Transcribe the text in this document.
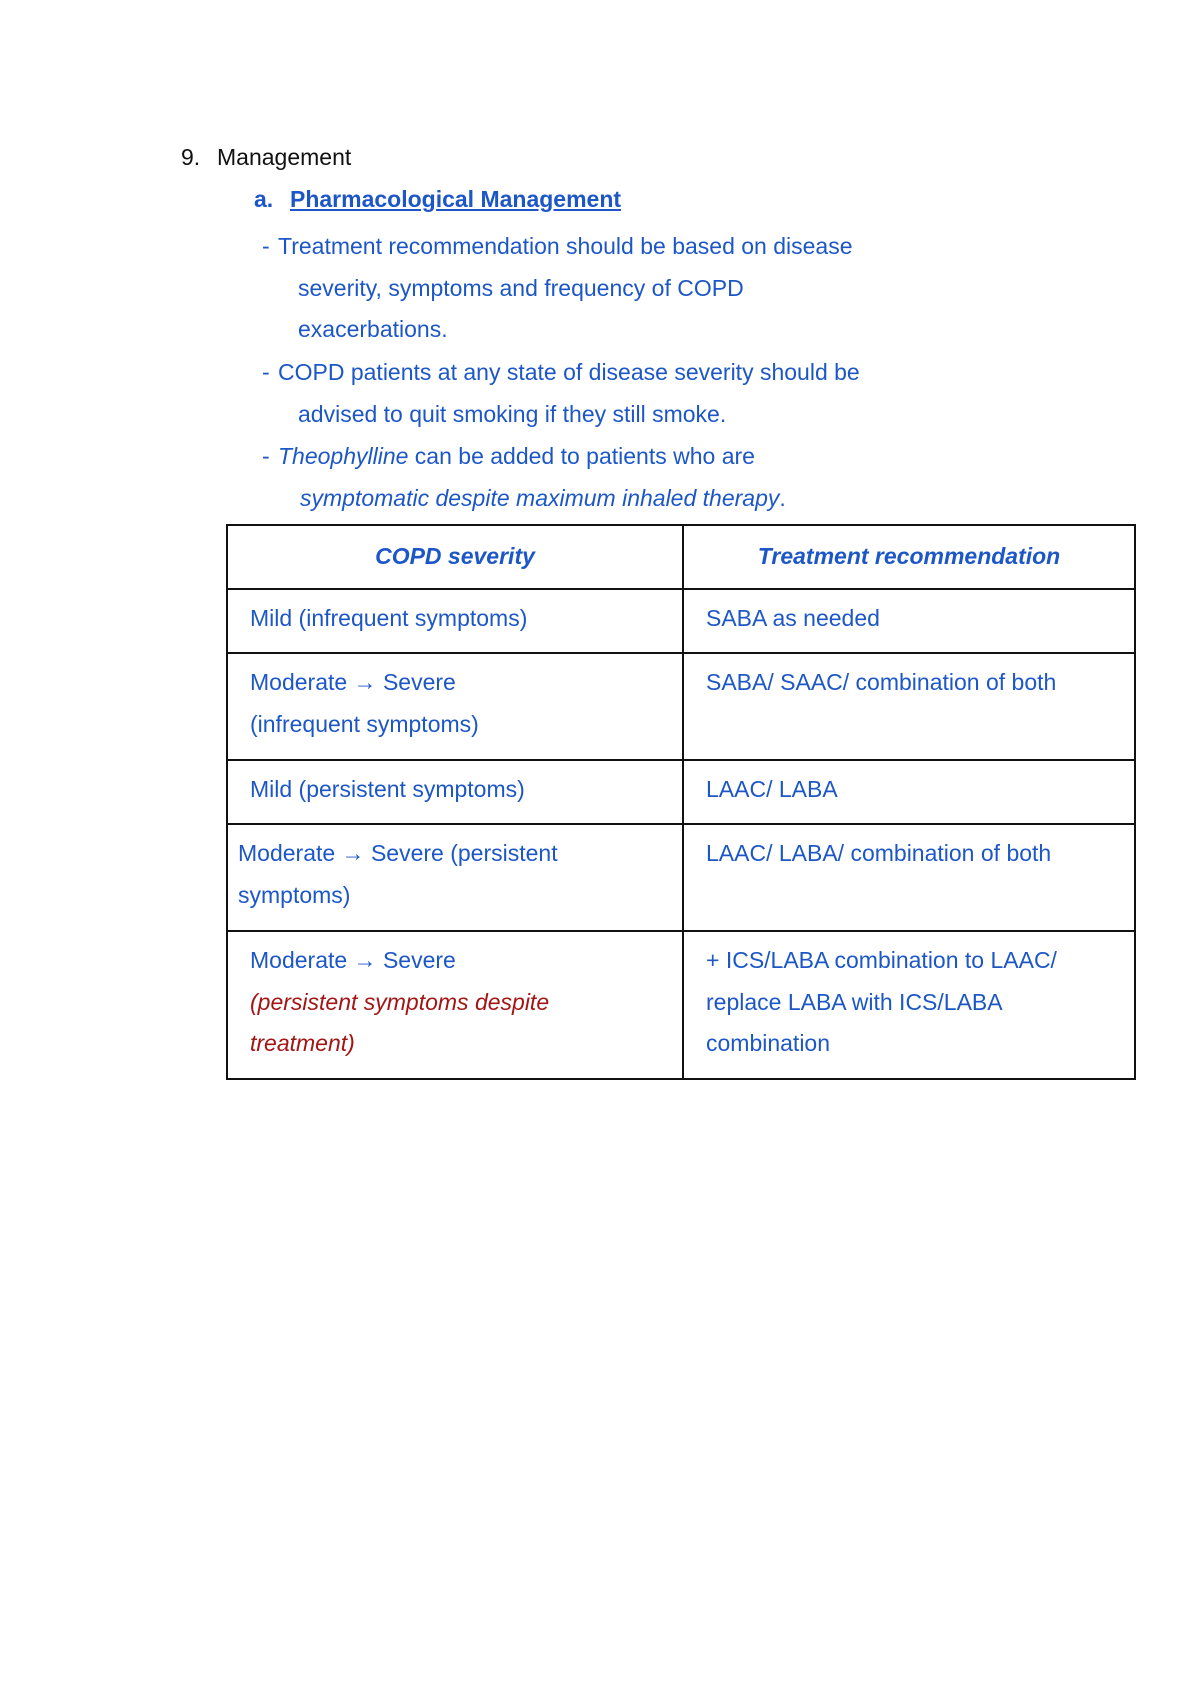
9. Management
a. Pharmacological Management
- Treatment recommendation should be based on disease
severity, symptoms and frequency of COPD
exacerbations.
- COPD patients at any state of disease severity should be
advised to quit smoking if they still smoke.
- Theophylline can be added to patients who are
symptomatic despite maximum inhaled therapy.
COPD severity	Treatment recommendation
Mild (infrequent symptoms)	SABA as needed
Moderate → Severe
(infrequent symptoms)	SABA/ SAAC/ combination of both
Mild (persistent symptoms)	LAAC/ LABA
Moderate → Severe (persistent
symptoms)	LAAC/ LABA/ combination of both
Moderate → Severe
(persistent symptoms despite
treatment)	+ ICS/LABA combination to LAAC/
replace LABA with ICS/LABA
combination
